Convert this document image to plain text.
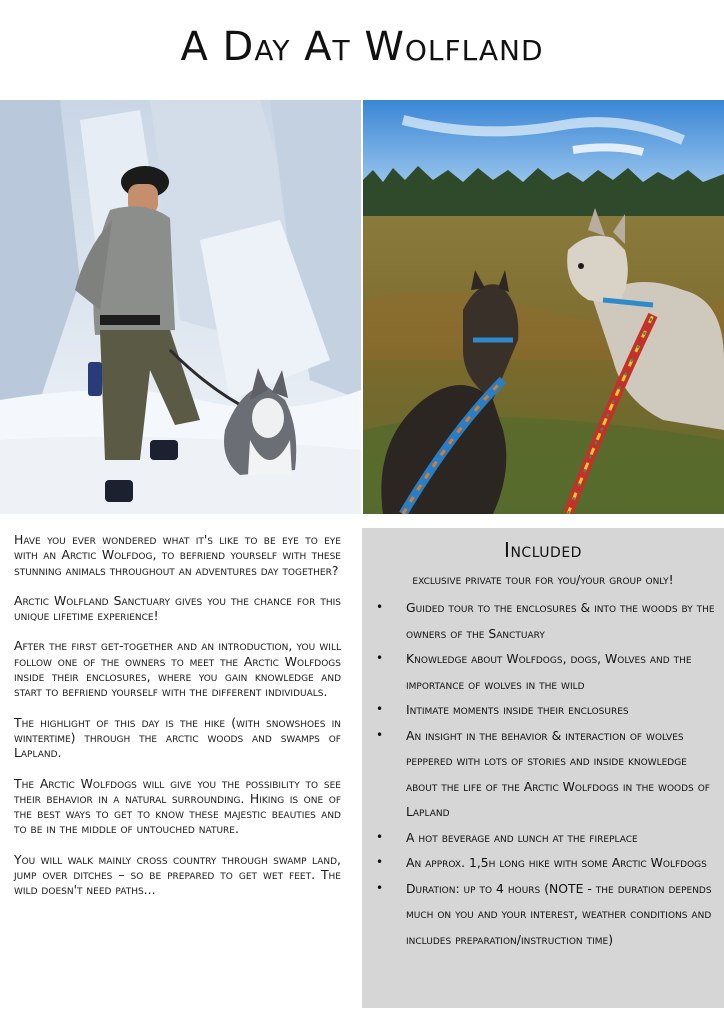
A Day At Wolfland

Have you ever wondered what it's like to be eye to eye with an Arctic Wolfdog, to befriend yourself with these stunning animals throughout an adventures day together?

Arctic Wolfland Sanctuary gives you the chance for this unique lifetime experience!

After the first get-together and an introduction, you will follow one of the owners to meet the Arctic Wolfdogs inside their enclosures, where you gain knowledge and start to befriend yourself with the different individuals.

The highlight of this day is the hike (with snowshoes in wintertime) through the arctic woods and swamps of Lapland.

The Arctic Wolfdogs will give you the possibility to see their behavior in a natural surrounding. Hiking is one of the best ways to get to know these majestic beauties and to be in the middle of untouched nature.

You will walk mainly cross country through swamp land, jump over ditches – so be prepared to get wet feet. The wild doesn't need paths...

Included
exclusive private tour for you/your group only!
• Guided tour to the enclosures & into the woods by the owners of the Sanctuary
• Knowledge about Wolfdogs, dogs, Wolves and the importance of wolves in the wild
• Intimate moments inside their enclosures
• An insight in the behavior & interaction of wolves peppered with lots of stories and inside knowledge about the life of the Arctic Wolfdogs in the woods of Lapland
• A hot beverage and lunch at the fireplace
• An approx. 1,5h long hike with some Arctic Wolfdogs
• Duration: up to 4 hours (NOTE - the duration depends much on you and your interest, weather conditions and includes preparation/instruction time)
